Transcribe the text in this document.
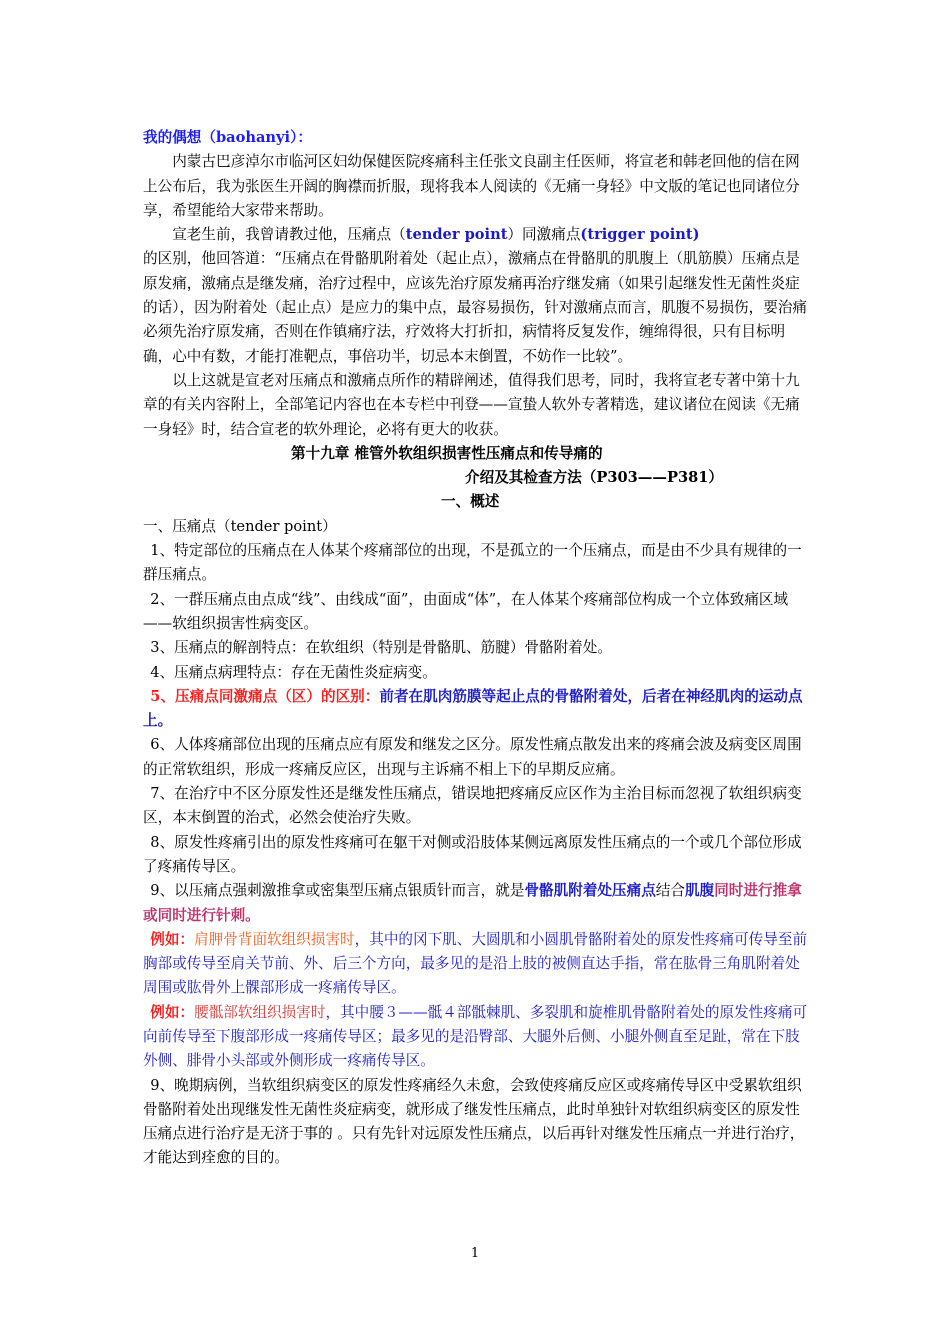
我的偶想（baohanyi）：

内蒙古巴彦淖尔市临河区妇幼保健医院疼痛科主任张文良副主任医师，将宣老和韩老回他的信在网上公布后，我为张医生开阔的胸襟而折服，现将我本人阅读的《无痛一身轻》中文版的笔记也同诸位分享，希望能给大家带来帮助。

宣老生前，我曾请教过他，压痛点（tender point）同激痛点(trigger point)

的区别，他回答道：“压痛点在骨骼肌附着处（起止点），激痛点在骨骼肌的肌腹上（肌筋膜）压痛点是原发痛，激痛点是继发痛，治疗过程中，应该先治疗原发痛再治疗继发痛（如果引起继发性无菌性炎症的话），因为附着处（起止点）是应力的集中点，最容易损伤，针对激痛点而言，肌腹不易损伤，要治痛必须先治疗原发痛，否则在作镇痛疗法，疗效将大打折扣，病情将反复发作，缠绵得很，只有目标明确，心中有数，才能打准靶点，事倍功半，切忌本末倒置，不妨作一比较”。

以上这就是宣老对压痛点和激痛点所作的精辟阐述，值得我们思考，同时，我将宣老专著中第十九章的有关内容附上，全部笔记内容也在本专栏中刊登——宣蛰人软外专著精选，建议诸位在阅读《无痛一身轻》时，结合宣老的软外理论，必将有更大的收获。

第十九章 椎管外软组织损害性压痛点和传导痛的

介绍及其检查方法（P303——P381）

一、概述

一、压痛点（tender point）

1、特定部位的压痛点在人体某个疼痛部位的出现，不是孤立的一个压痛点，而是由不少具有规律的一群压痛点。

2、一群压痛点由点成“线”、由线成“面”，由面成“体”，在人体某个疼痛部位构成一个立体致痛区域——软组织损害性病变区。

3、压痛点的解剖特点：在软组织（特别是骨骼肌、筋腱）骨骼附着处。

4、压痛点病理特点：存在无菌性炎症病变。

5、压痛点同激痛点（区）的区别：前者在肌肉筋膜等起止点的骨骼附着处，后者在神经肌肉的运动点上。

6、人体疼痛部位出现的压痛点应有原发和继发之区分。原发性痛点散发出来的疼痛会波及病变区周围的正常软组织，形成一疼痛反应区，出现与主诉痛不相上下的早期反应痛。

7、在治疗中不区分原发性还是继发性压痛点，错误地把疼痛反应区作为主治目标而忽视了软组织病变区，本末倒置的治式，必然会使治疗失败。

8、原发性疼痛引出的原发性疼痛可在躯干对侧或沿肢体某侧远离原发性压痛点的一个或几个部位形成了疼痛传导区。

9、以压痛点强刺激推拿或密集型压痛点银质针而言，就是骨骼肌附着处压痛点结合肌腹同时进行推拿或同时进行针刺。

例如：肩胛骨背面软组织损害时，其中的冈下肌、大圆肌和小圆肌骨骼附着处的原发性疼痛可传导至前胸部或传导至肩关节前、外、后三个方向，最多见的是沿上肢的被侧直达手指，常在肱骨三角肌附着处周围或肱骨外上髁部形成一疼痛传导区。

例如：腰骶部软组织损害时，其中腰３——骶４部骶棘肌、多裂肌和旋椎肌骨骼附着处的原发性疼痛可向前传导至下腹部形成一疼痛传导区；最多见的是沿臀部、大腿外后侧、小腿外侧直至足趾，常在下肢外侧、腓骨小头部或外侧形成一疼痛传导区。

9、晚期病例，当软组织病变区的原发性疼痛经久未愈，会致使疼痛反应区或疼痛传导区中受累软组织骨骼附着处出现继发性无菌性炎症病变，就形成了继发性压痛点，此时单独针对软组织病变区的原发性压痛点进行治疗是无济于事的 。只有先针对远原发性压痛点，以后再针对继发性压痛点一并进行治疗，才能达到痊愈的目的。

1
